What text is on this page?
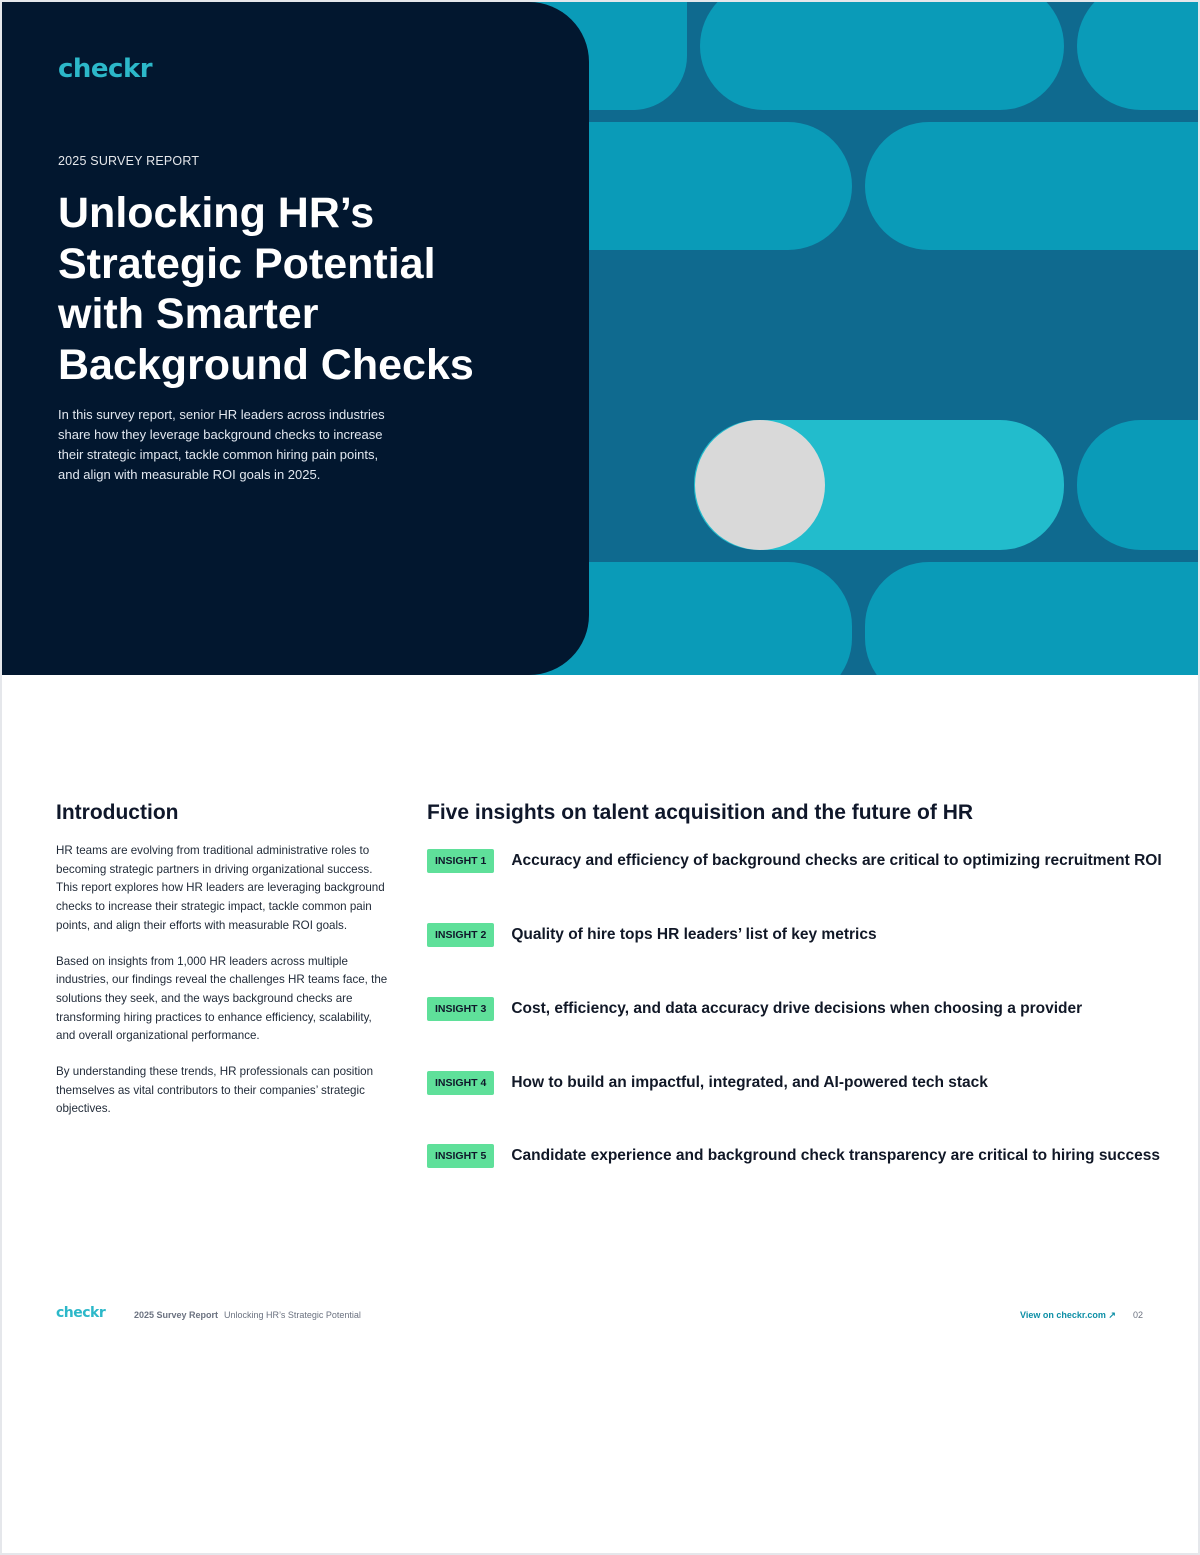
checkr
2025 SURVEY REPORT
Unlocking HR’s
Strategic Potential
with Smarter
Background Checks

In this survey report, senior HR leaders across industries share how they leverage background checks to increase their strategic impact, tackle common hiring pain points, and align with measurable ROI goals in 2025.

Introduction

HR teams are evolving from traditional administrative roles to becoming strategic partners in driving organizational success. This report explores how HR leaders are leveraging background checks to increase their strategic impact, tackle common pain points, and align their efforts with measurable ROI goals.

Based on insights from 1,000 HR leaders across multiple industries, our findings reveal the challenges HR teams face, the solutions they seek, and the ways background checks are transforming hiring practices to enhance efficiency, scalability, and overall organizational performance.

By understanding these trends, HR professionals can position themselves as vital contributors to their companies’ strategic objectives.

Five insights on talent acquisition and the future of HR
INSIGHT 1	Accuracy and efficiency of background checks are critical to optimizing recruitment ROI
INSIGHT 2	Quality of hire tops HR leaders’ list of key metrics
INSIGHT 3	Cost, efficiency, and data accuracy drive decisions when choosing a provider
INSIGHT 4	How to build an impactful, integrated, and AI-powered tech stack
INSIGHT 5	Candidate experience and background check transparency are critical to hiring success
checkr	2025 Survey Report Unlocking HR’s Strategic Potential	View on checkr.com ↗ 02
